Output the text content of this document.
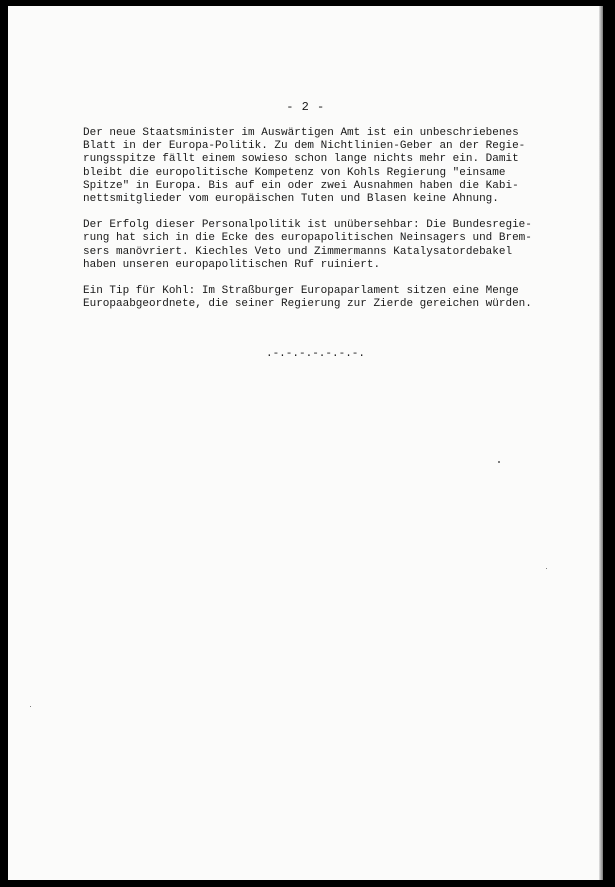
- 2 -

Der neue Staatsminister im Auswärtigen Amt ist ein unbeschriebenes
Blatt in der Europa-Politik. Zu dem Nichtlinien-Geber an der Regie-
rungsspitze fällt einem sowieso schon lange nichts mehr ein. Damit
bleibt die europolitische Kompetenz von Kohls Regierung "einsame
Spitze" in Europa. Bis auf ein oder zwei Ausnahmen haben die Kabi-
nettsmitglieder vom europäischen Tuten und Blasen keine Ahnung.

Der Erfolg dieser Personalpolitik ist unübersehbar: Die Bundesregie-
rung hat sich in die Ecke des europapolitischen Neinsagers und Brem-
sers manövriert. Kiechles Veto und Zimmermanns Katalysatordebakel
haben unseren europapolitischen Ruf ruiniert.

Ein Tip für Kohl: Im Straßburger Europaparlament sitzen eine Menge
Europaabgeordnete, die seiner Regierung zur Zierde gereichen würden.

.-.-.-.-.-.-.-.
